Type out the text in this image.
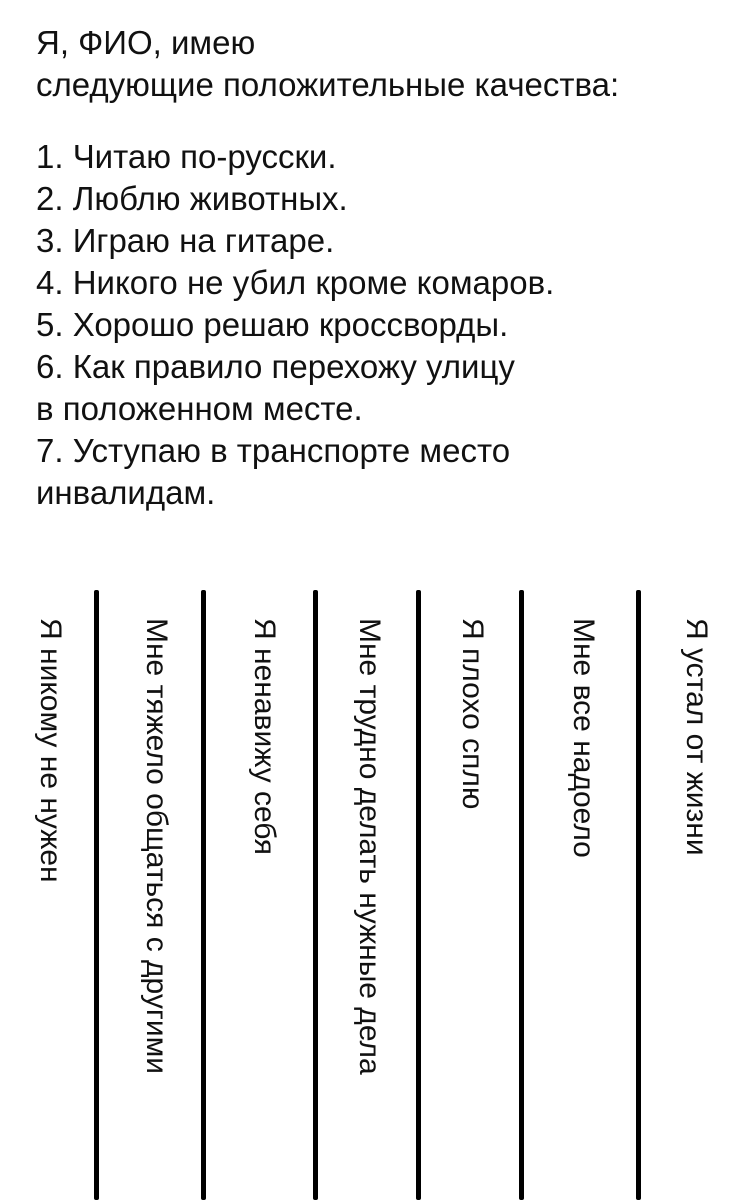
Я, ФИО, имею
следующие положительные качества:
1. Читаю по-русски.
2. Люблю животных.
3. Играю на гитаре.
4. Никого не убил кроме комаров.
5. Хорошо решаю кроссворды.
6. Как правило перехожу улицу
в положенном месте.
7. Уступаю в транспорте место
инвалидам.
Я никому не нужен Мне тяжело общаться с другими	Я ненавижу себя Мне трудно делать нужные дела Я плохо сплю	Мне все надоело	Я устал от жизни
